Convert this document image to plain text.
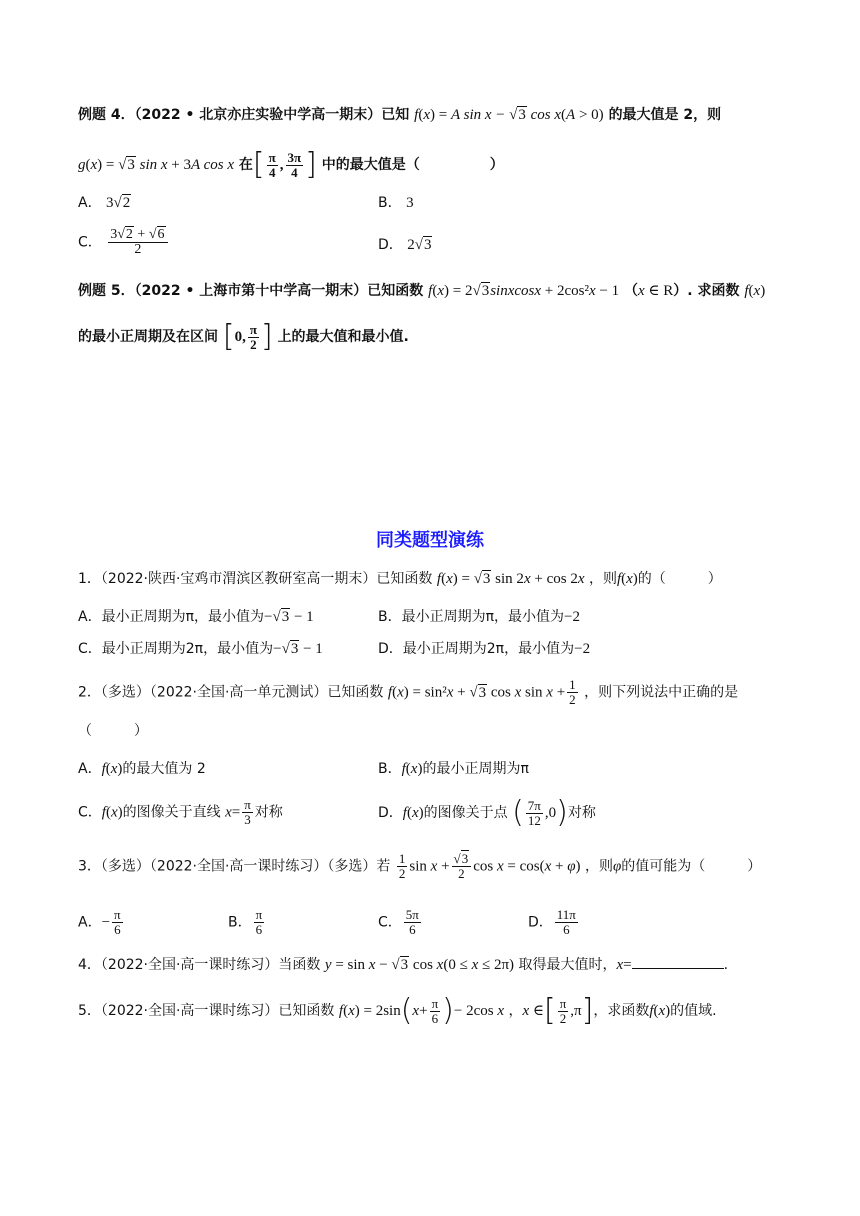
例题 4．（2022 • 北京亦庄实验中学高一期末）已知 f(x) = A sin x − √3 cos x(A > 0) 的最大值是 2，则
g(x) = √3 sin x + 3A cos x 在[ $\frac{\pi}{4}$ , $\frac{3\pi}{4}$ ] 中的最大值是（　　　　　）
A． 3√2	B． 3
C． $\frac{3√2 + √6}{2}$	D． 2√3
例题 5．（2022 • 上海市第十中学高一期末）已知函数 f(x) = 2√3sinxcosx + 2cos²x − 1 （x ∈ R）. 求函数 f(x)
的最小正周期及在区间 [0, $\frac{\pi}{2}$ ] 上的最大值和最小值.
同类题型演练
1．（2022·陕西·宝鸡市渭滨区教研室高一期末）已知函数 f(x) = √3 sin 2x + cos 2x ，则f(x)的（　　　）
A．最小正周期为π，最小值为−√3 − 1	B．最小正周期为π，最小值为−2
C．最小正周期为2π，最小值为−√3 − 1	D．最小正周期为2π，最小值为−2
2．（多选）（2022·全国·高一单元测试）已知函数 f(x) = sin²x + √3 cos x $\sin x + \frac{1}{2}$ ，则下列说法中正确的是
（　　　）
A．f(x)的最大值为 2	B．f(x)的最小正周期为π
C．f(x)的图像关于直线 $x= \frac{\pi}{3}$ 对称	D．f(x)的图像关于点 ( $\frac{7\pi}{12} ,0$)对称
3．（多选）（2022·全国·高一课时练习）（多选）若 $\frac{1}{2}$ $\sin x + \frac{√3}{2}$ cos x = cos(x + φ) ，则φ的值可能为（　　　）
A．− $\frac{\pi}{6}$	B． $\frac{\pi}{6}$	C． $\frac{5\pi}{6}$	D． $\frac{11\pi}{6}$
4．（2022·全国·高一课时练习）当函数 y = sin x − √3 cos x(0 ≤ x ≤ 2π) 取得最大值时，x=	.
5．（2022·全国·高一课时练习）已知函数 $f(x) = 2\sin(x+ \frac{\pi}{6}$ )− 2cos x ，x ∈[ $\frac{\pi}{2} ,\pi$]，求函数f(x)的值域.
